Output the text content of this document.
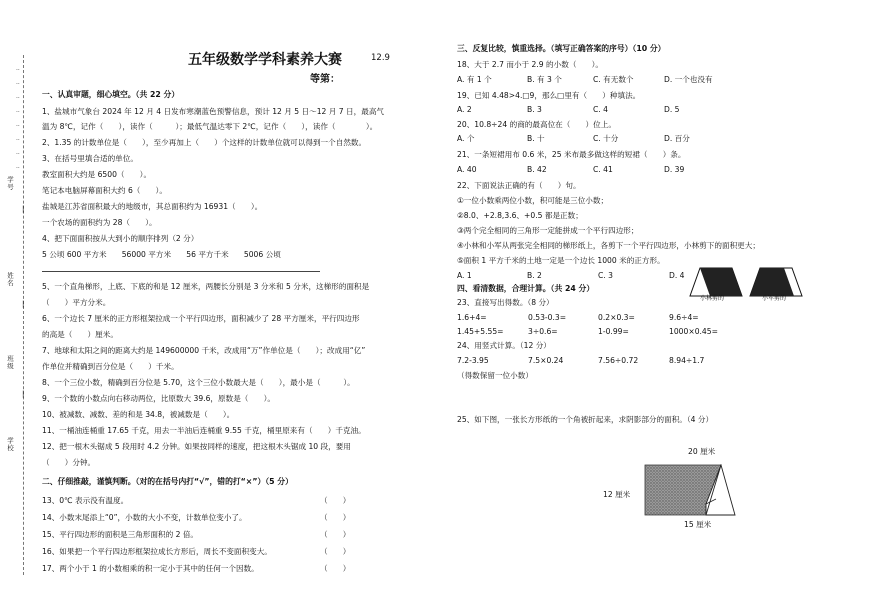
学号
姓名
班级
学校
··
··
··
··
··
··
··
··
|
|
|
五年级数学学科素养大赛	12.9
等第：
一、认真审题，细心填空。（共 22 分）
1、盐城市气象台 2024 年 12 月 4 日发布寒潮蓝色预警信息，预计 12 月 5 日～12 月 7 日，最高气
温为 8℃，记作（　　），读作（　　　）；最低气温达零下 2℃，记作（　　），读作（　　　　）。
2、1.35 的计数单位是（　　），至少再加上（　　）个这样的计数单位就可以得到一个自然数。
3、在括号里填合适的单位。
教室面积大约是 6500（　　）。
笔记本电脑屏幕面积大约 6（　　）。
盐城是江苏省面积最大的地级市，其总面积约为 16931（　　）。
一个农场的面积约为 28（　　）。
4、把下面面积按从大到小的顺序排列（2 分）
5 公顷 600 平方米　　56000 平方米　　56 平方千米　　5006 公顷
5、一个直角梯形，上底、下底的和是 12 厘米，两腰长分别是 3 分米和 5 分米，这梯形的面积是
（　　）平方分米。
6、一个边长 7 厘米的正方形框架拉成一个平行四边形，面积减少了 28 平方厘米，平行四边形
的高是（　　）厘米。
7、地球和太阳之间的距离大约是 149600000 千米，改成用“万”作单位是（　　）；改成用“亿”
作单位并精确到百分位是（　　）千米。
8、一个三位小数，精确到百分位是 5.70，这个三位小数最大是（　　），最小是（　　　）。
9、一个数的小数点向右移动两位，比原数大 39.6，原数是（　　）。
10、被减数、减数、差的和是 34.8，被减数是（　　）。
11、一桶油连桶重 17.65 千克，用去一半油后连桶重 9.55 千克，桶里原来有（　　）千克油。
12、把一根木头锯成 5 段用时 4.2 分钟。如果按同样的速度，把这根木头锯成 10 段，要用
（　　）分钟。
二、仔细推敲，谨慎判断。（对的在括号内打“√”，错的打“×”）（5 分）
13、0℃ 表示没有温度。	（　　）
14、小数末尾添上“0”，小数的大小不变，计数单位变小了。	（　　）
15、平行四边形的面积是三角形面积的 2 倍。	（　　）
16、如果把一个平行四边形框架拉成长方形后，周长不变面积变大。	（　　）
17、两个小于 1 的小数相乘的积一定小于其中的任何一个因数。	（　　）
三、反复比较，慎重选择。（填写正确答案的序号）（10 分）
18、大于 2.7 而小于 2.9 的小数（　　）。
A. 有 1 个	B. 有 3 个	C. 有无数个	D. 一个也没有
19、已知 4.48>4.□9，那么□里有（　　）种填法。
A. 2	B. 3	C. 4	D. 5
20、10.8÷24 的商的最高位在（　　）位上。
A. 个	B. 十	C. 十分	D. 百分
21、一条短裙用布 0.6 米，25 米布最多做这样的短裙（　　）条。
A. 40	B. 42	C. 41	D. 39
22、下面说法正确的有（　　）句。
①一位小数乘两位小数，积可能是三位小数；
②8.0、+2.8,3.6、+0.5 都是正数；
③两个完全相同的三角形一定能拼成一个平行四边形；
④小林和小军从两张完全相同的梯形纸上，各剪下一个平行四边形，小林剪下的面积更大；
⑤面积 1 平方千米的土地一定是一个边长 1000 米的正方形。
A. 1	B. 2	C. 3	D. 4
小林剪的	小军剪的
四、看清数据，合理计算。（共 24 分）
23、直接写出得数。（8 分）
1.6+4=	0.53-0.3=	0.2×0.3=	9.6÷4=
1.45+5.55=	3÷0.6=	1-0.99=	1000×0.45=
24、用竖式计算。（12 分）
7.2-3.95	7.5×0.24	7.56÷0.72	8.94÷1.7
（得数保留一位小数）
25、如下图，一张长方形纸的一个角被折起来，求阴影部分的面积。（4 分）
20 厘米
12 厘米
15 厘米
